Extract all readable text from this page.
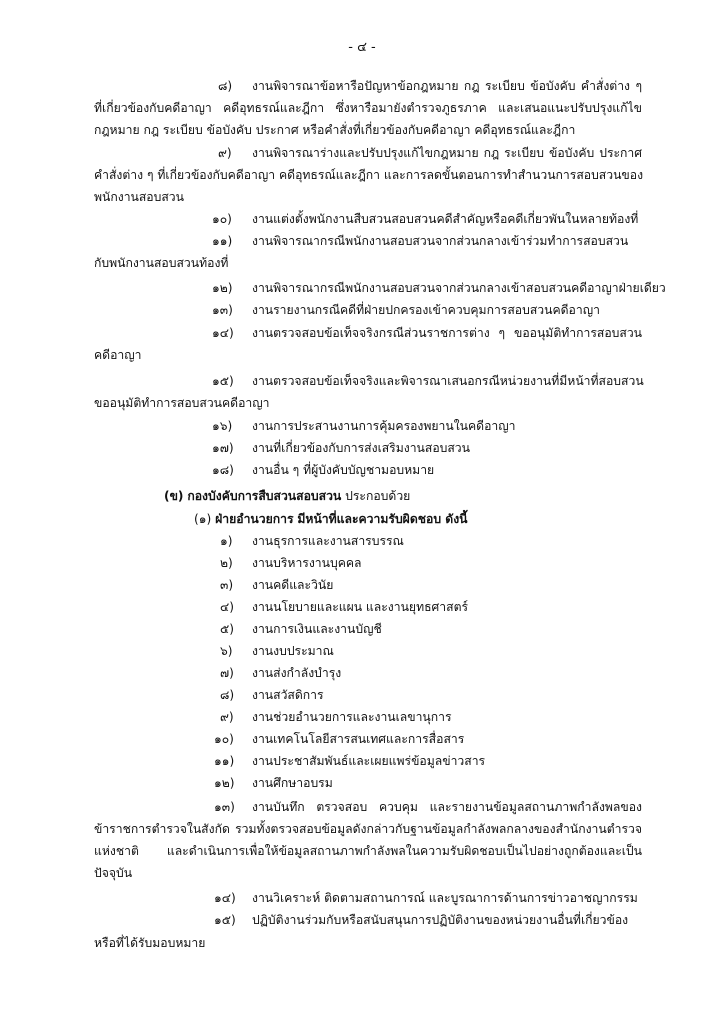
- ๔ -
๘) งานพิจารณาข้อหารือปัญหาข้อกฎหมาย กฎ ระเบียบ ข้อบังคับ คำสั่งต่าง ๆ
ที่เกี่ยวข้องกับคดีอาญา คดีอุทธรณ์และฎีกา ซึ่งหารือมายังตำรวจภูธรภาค และเสนอแนะปรับปรุงแก้ไข
กฎหมาย กฎ ระเบียบ ข้อบังคับ ประกาศ หรือคำสั่งที่เกี่ยวข้องกับคดีอาญา คดีอุทธรณ์และฎีกา
๙) งานพิจารณาร่างและปรับปรุงแก้ไขกฎหมาย กฎ ระเบียบ ข้อบังคับ ประกาศ
คำสั่งต่าง ๆ ที่เกี่ยวข้องกับคดีอาญา คดีอุทธรณ์และฎีกา และการลดขั้นตอนการทำสำนวนการสอบสวนของ
พนักงานสอบสวน
๑๐) งานแต่งตั้งพนักงานสืบสวนสอบสวนคดีสำคัญหรือคดีเกี่ยวพันในหลายท้องที่
๑๑) งานพิจารณากรณีพนักงานสอบสวนจากส่วนกลางเข้าร่วมทำการสอบสวน
กับพนักงานสอบสวนท้องที่
๑๒) งานพิจารณากรณีพนักงานสอบสวนจากส่วนกลางเข้าสอบสวนคดีอาญาฝ่ายเดียว
๑๓) งานรายงานกรณีคดีที่ฝ่ายปกครองเข้าควบคุมการสอบสวนคดีอาญา
๑๔) งานตรวจสอบข้อเท็จจริงกรณีส่วนราชการต่าง ๆ ขออนุมัติทำการสอบสวน
คดีอาญา
๑๕) งานตรวจสอบข้อเท็จจริงและพิจารณาเสนอกรณีหน่วยงานที่มีหน้าที่สอบสวน
ขออนุมัติทำการสอบสวนคดีอาญา
๑๖) งานการประสานงานการคุ้มครองพยานในคดีอาญา
๑๗) งานที่เกี่ยวข้องกับการส่งเสริมงานสอบสวน
๑๘) งานอื่น ๆ ที่ผู้บังคับบัญชามอบหมาย
(ข) กองบังคับการสืบสวนสอบสวน ประกอบด้วย
(๑) ฝ่ายอำนวยการ มีหน้าที่และความรับผิดชอบ ดังนี้
๑) งานธุรการและงานสารบรรณ
๒) งานบริหารงานบุคคล
๓) งานคดีและวินัย
๔) งานนโยบายและแผน และงานยุทธศาสตร์
๕) งานการเงินและงานบัญชี
๖) งานงบประมาณ
๗) งานส่งกำลังบำรุง
๘) งานสวัสดิการ
๙) งานช่วยอำนวยการและงานเลขานุการ
๑๐) งานเทคโนโลยีสารสนเทศและการสื่อสาร
๑๑) งานประชาสัมพันธ์และเผยแพร่ข้อมูลข่าวสาร
๑๒) งานศึกษาอบรม
๑๓) งานบันทึก ตรวจสอบ ควบคุม และรายงานข้อมูลสถานภาพกำลังพลของ
ข้าราชการตำรวจในสังกัด รวมทั้งตรวจสอบข้อมูลดังกล่าวกับฐานข้อมูลกำลังพลกลางของสำนักงานตำรวจ
แห่งชาติ และดำเนินการเพื่อให้ข้อมูลสถานภาพกำลังพลในความรับผิดชอบเป็นไปอย่างถูกต้องและเป็น
ปัจจุบัน
๑๔) งานวิเคราะห์ ติดตามสถานการณ์ และบูรณาการด้านการข่าวอาชญากรรม
๑๕) ปฏิบัติงานร่วมกับหรือสนับสนุนการปฏิบัติงานของหน่วยงานอื่นที่เกี่ยวข้อง
หรือที่ได้รับมอบหมาย
